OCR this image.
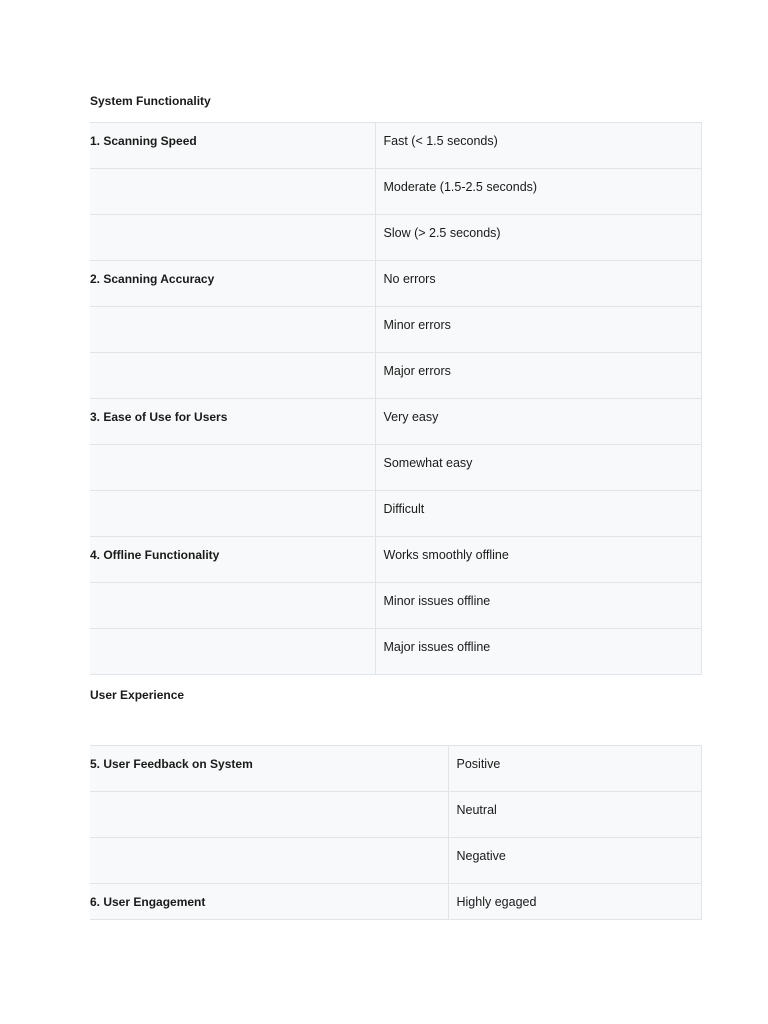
System Functionality
1. Scanning Speed	Fast (< 1.5 seconds)
	Moderate (1.5-2.5 seconds)
	Slow (> 2.5 seconds)
2. Scanning Accuracy	No errors
	Minor errors
	Major errors
3. Ease of Use for Users	Very easy
	Somewhat easy
	Difficult
4. Offline Functionality	Works smoothly offline
	Minor issues offline
	Major issues offline
User Experience
5. User Feedback on System	Positive
	Neutral
	Negative
6. User Engagement	Highly egaged
